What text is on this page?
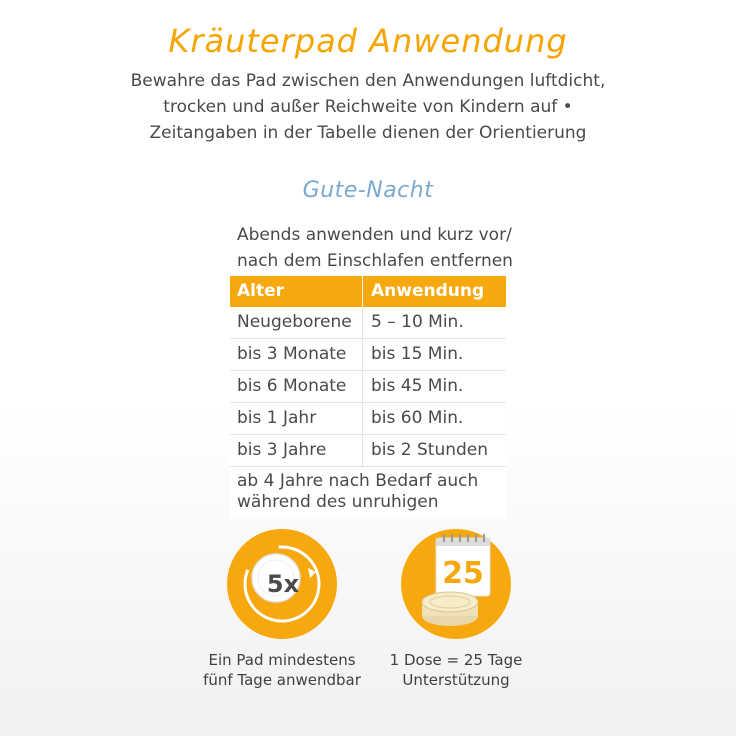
Kräuterpad Anwendung
Bewahre das Pad zwischen den Anwendungen luftdicht,
trocken und außer Reichweite von Kindern auf •
Zeitangaben in der Tabelle dienen der Orientierung
Gute-Nacht
Abends anwenden und kurz vor/
nach dem Einschlafen entfernen
Alter	Anwendung
Neugeborene	5 – 10 Min.
bis 3 Monate	bis 15 Min.
bis 6 Monate	bis 45 Min.
bis 1 Jahr	bis 60 Min.
bis 3 Jahre	bis 2 Stunden
ab 4 Jahre nach Bedarf auch
während des unruhigen
5x
Ein Pad mindestens
fünf Tage anwendbar
25
1 Dose = 25 Tage
Unterstützung
